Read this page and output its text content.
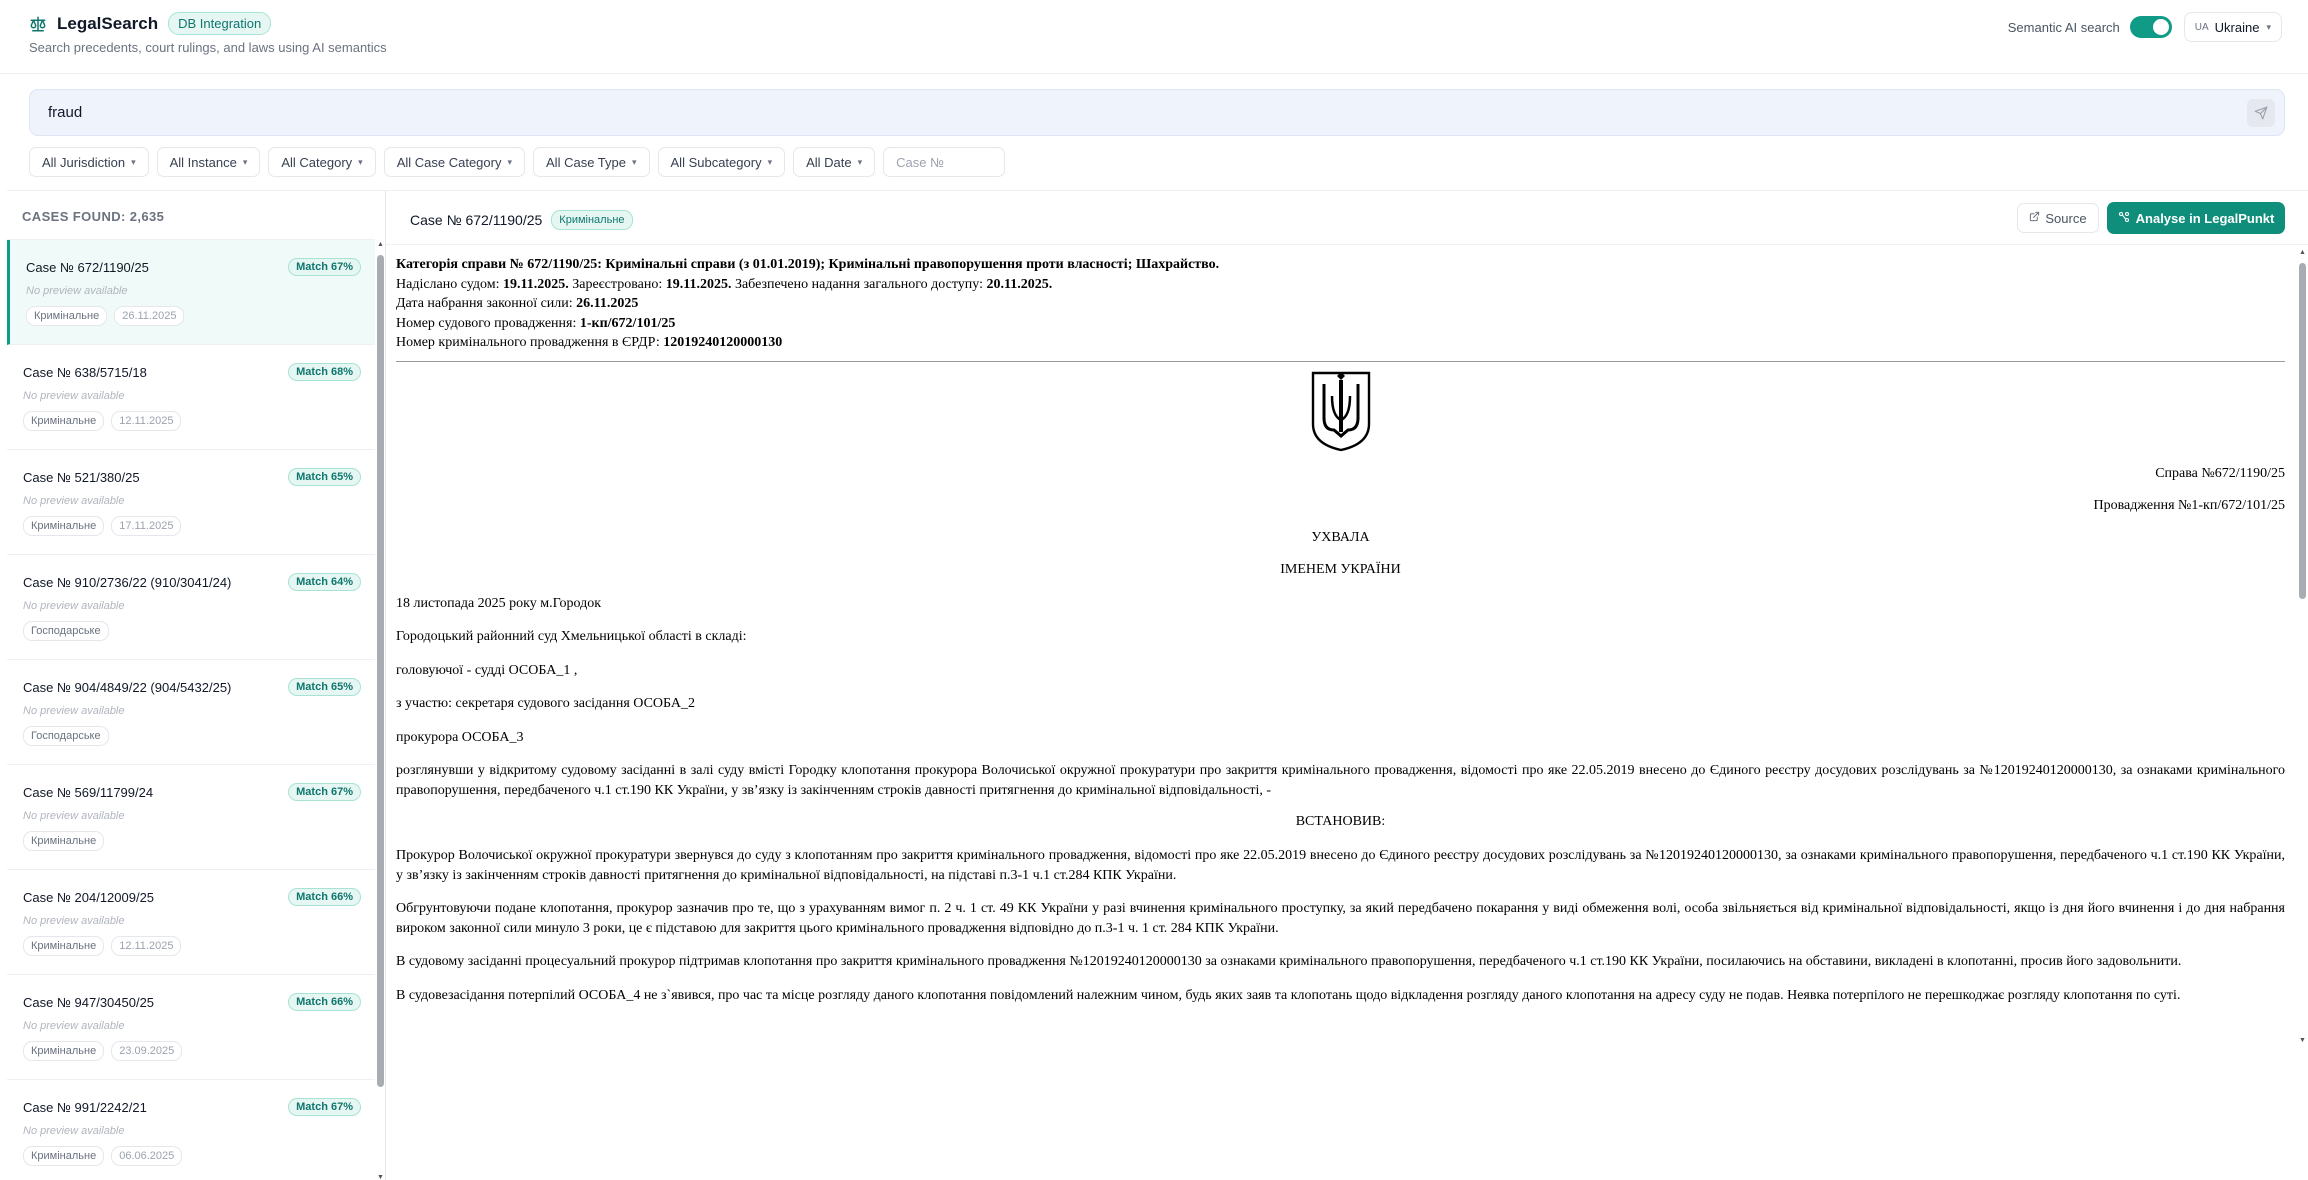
LegalSearch	DB Integration
Search precedents, court rulings, and laws using AI semantics
Semantic AI search	UA Ukraine ▾
fraud
All Jurisdiction ▾	All Instance ▾	All Category ▾	All Case Category ▾	All Case Type ▾	All Subcategory ▾	All Date ▾
Case №
CASES FOUND: 2,635
Case № 672/1190/25	Match 67%
No preview available
Кримінальне	26.11.2025
Case № 638/5715/18	Match 68%
No preview available
Кримінальне	12.11.2025
Case № 521/380/25	Match 65%
No preview available
Кримінальне	17.11.2025
Case № 910/2736/22 (910/3041/24)	Match 64%
No preview available
Господарське
Case № 904/4849/22 (904/5432/25)	Match 65%
No preview available
Господарське
Case № 569/11799/24	Match 67%
No preview available
Кримінальне
Case № 204/12009/25	Match 66%
No preview available
Кримінальне	12.11.2025
Case № 947/30450/25	Match 66%
No preview available
Кримінальне	23.09.2025
Case № 991/2242/21	Match 67%
No preview available
Кримінальне	06.06.2025
▲
▼
Case № 672/1190/25	Кримінальне	Source	Analyse in LegalPunkt
Категорія справи № 672/1190/25: Кримінальні справи (з 01.01.2019); Кримінальні правопорушення проти власності; Шахрайство.
Надіслано судом: 19.11.2025. Зареєстровано: 19.11.2025. Забезпечено надання загального доступу: 20.11.2025.
Дата набрання законної сили: 26.11.2025
Номер судового провадження: 1-кп/672/101/25
Номер кримінального провадження в ЄРДР: 12019240120000130
Справа №672/1190/25
Провадження №1-кп/672/101/25
УХВАЛА
ІМЕНЕМ УКРАЇНИ
18 листопада 2025 року м.Городок
Городоцький районний суд Хмельницької області в складі:
головуючої - судді ОСОБА_1 ,
з участю: секретаря судового засідання ОСОБА_2
прокурора ОСОБА_3
розглянувши у відкритому судовому засіданні в залі суду вмісті Городку клопотання прокурора Волочиської окружної прокуратури про закриття кримінального провадження, відомості про яке 22.05.2019 внесено до Єдиного реєстру досудових розслідувань за №12019240120000130, за ознаками кримінального правопорушення, передбаченого ч.1 ст.190 КК України, у зв’язку із закінченням строків давності притягнення до кримінальної відповідальності, -
ВСТАНОВИВ:
Прокурор Волочиської окружної прокуратури звернувся до суду з клопотанням про закриття кримінального провадження, відомості про яке 22.05.2019 внесено до Єдиного реєстру досудових розслідувань за №12019240120000130, за ознаками кримінального правопорушення, передбаченого ч.1 ст.190 КК України, у зв’язку із закінченням строків давності притягнення до кримінальної відповідальності, на підставі п.3-1 ч.1 ст.284 КПК України.
Обгрунтовуючи подане клопотання, прокурор зазначив про те, що з урахуванням вимог п. 2 ч. 1 ст. 49 КК України у разі вчинення кримінального проступку, за який передбачено покарання у виді обмеження волі, особа звільняється від кримінальної відповідальності, якщо із дня його вчинення і до дня набрання вироком законної сили минуло 3 роки, це є підставою для закриття цього кримінального провадження відповідно до п.3-1 ч. 1 ст. 284 КПК України.
В судовому засіданні процесуальний прокурор підтримав клопотання про закриття кримінального провадження №12019240120000130 за ознаками кримінального правопорушення, передбаченого ч.1 ст.190 КК України, посилаючись на обставини, викладені в клопотанні, просив його задовольнити.
В судовезасідання потерпілий ОСОБА_4 не з`явився, про час та місце розгляду даного клопотання повідомлений належним чином, будь яких заяв та клопотань щодо відкладення розгляду даного клопотання на адресу суду не подав. Неявка потерпілого не перешкоджає розгляду клопотання по суті.
▲
▼
